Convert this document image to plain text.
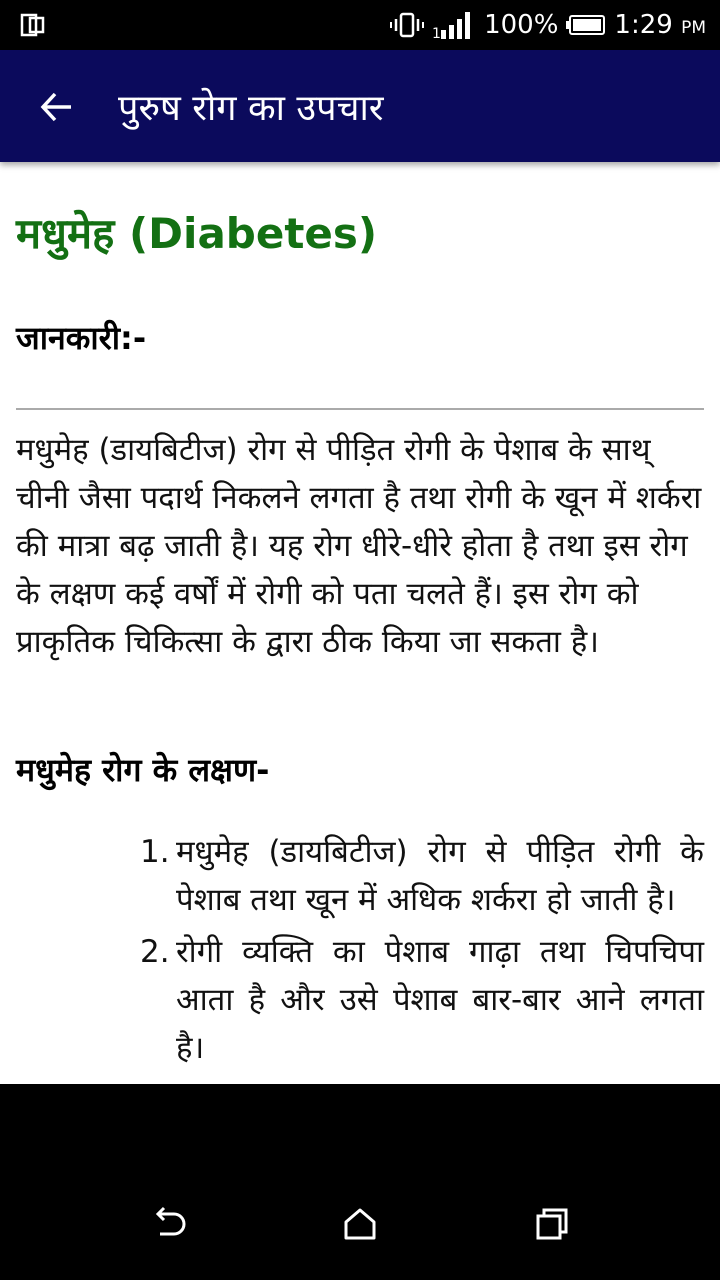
1 100% 1:29 PM
पुरुष रोग का उपचार
मधुमेह (Diabetes)
जानकारी:-

मधुमेह (डायबिटीज) रोग से पीड़ित रोगी के पेशाब के साथ् चीनी जैसा पदार्थ निकलने लगता है तथा रोगी के खून में शर्करा की मात्रा बढ़ जाती है। यह रोग धीरे-धीरे होता है तथा इस रोग के लक्षण कई वर्षों में रोगी को पता चलते हैं। इस रोग को प्राकृतिक चिकित्सा के द्वारा ठीक किया जा सकता है।

मधुमेह रोग के लक्षण-
1. मधुमेह (डायबिटीज) रोग से पीड़ित रोगी के पेशाब तथा खून में अधिक शर्करा हो जाती है।
2. रोगी व्यक्ति का पेशाब गाढ़ा तथा चिपचिपा आता है और उसे पेशाब बार-बार आने लगता है।
